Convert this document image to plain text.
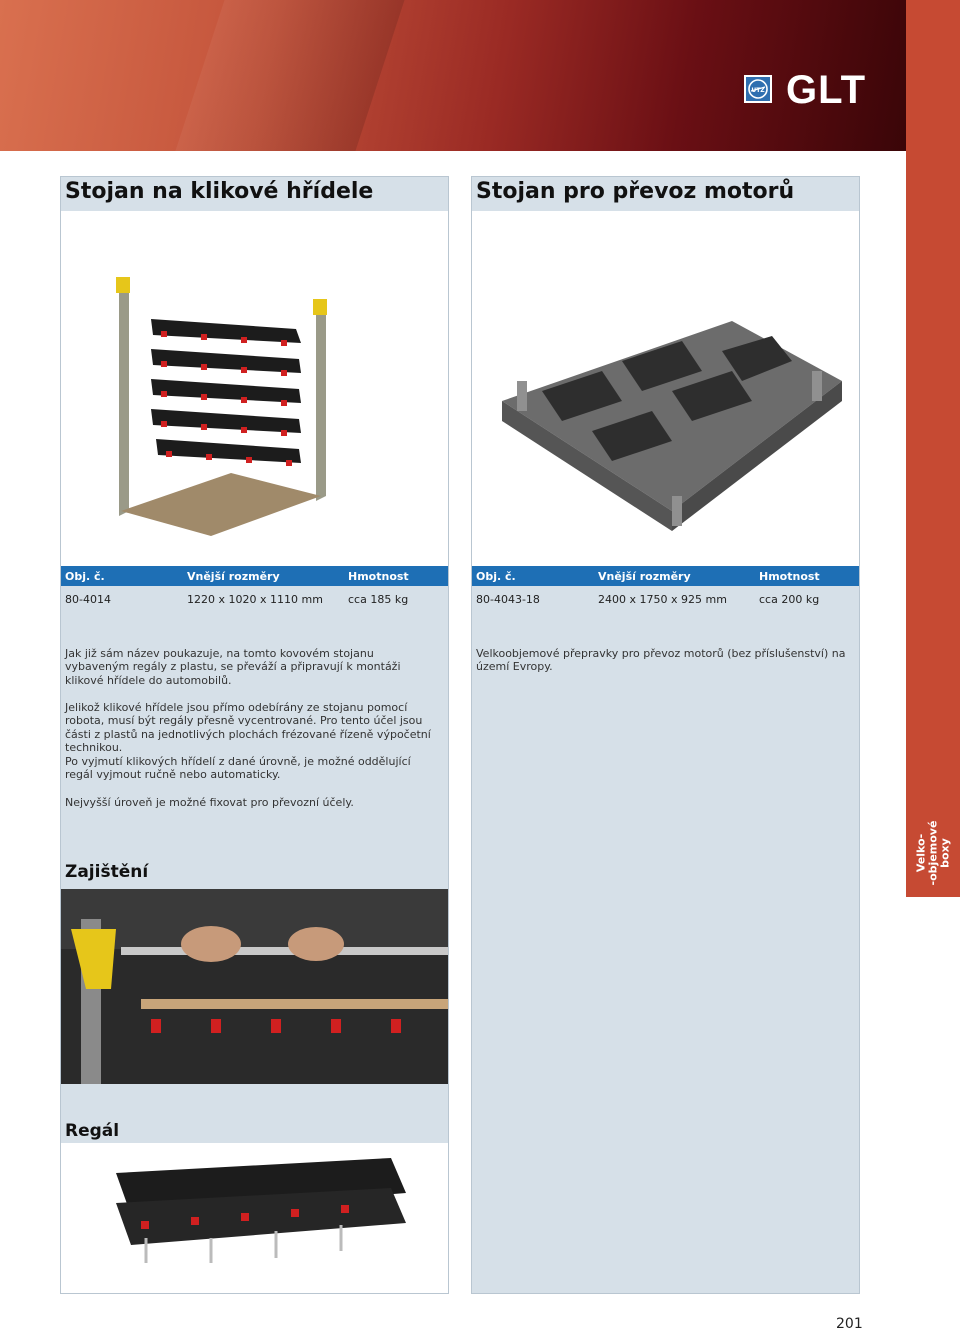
UTZ GLT
Velko-
-objemové
boxy
Stojan na klikové hřídele
Obj. č.	Vnější rozměry	Hmotnost
80-4014	1220 x 1020 x 1110 mm cca 185 kg

Jak již sám název poukazuje, na tomto kovovém stojanu vybaveným regály z plastu, se převáží a připravují k montáži klikové hřídele do automobilů.

Jelikož klikové hřídele jsou přímo odebírány ze stojanu pomocí robota, musí být regály přesně vycentrované. Pro tento účel jsou části z plastů na jednotlivých plochách frézované řízeně výpočetní technikou.

Po vyjmutí klikových hřídelí z dané úrovně, je možné oddělující regál vyjmout ručně nebo automaticky.

Nejvyšší úroveň je možné fixovat pro převozní účely.

Zajištění
Regál
Stojan pro převoz motorů
Obj. č.	Vnější rozměry	Hmotnost
80-4043-18	2400 x 1750 x 925 mm	cca 200 kg

Velkoobjemové přepravky pro převoz motorů (bez příslušenství) na území Evropy.

201
